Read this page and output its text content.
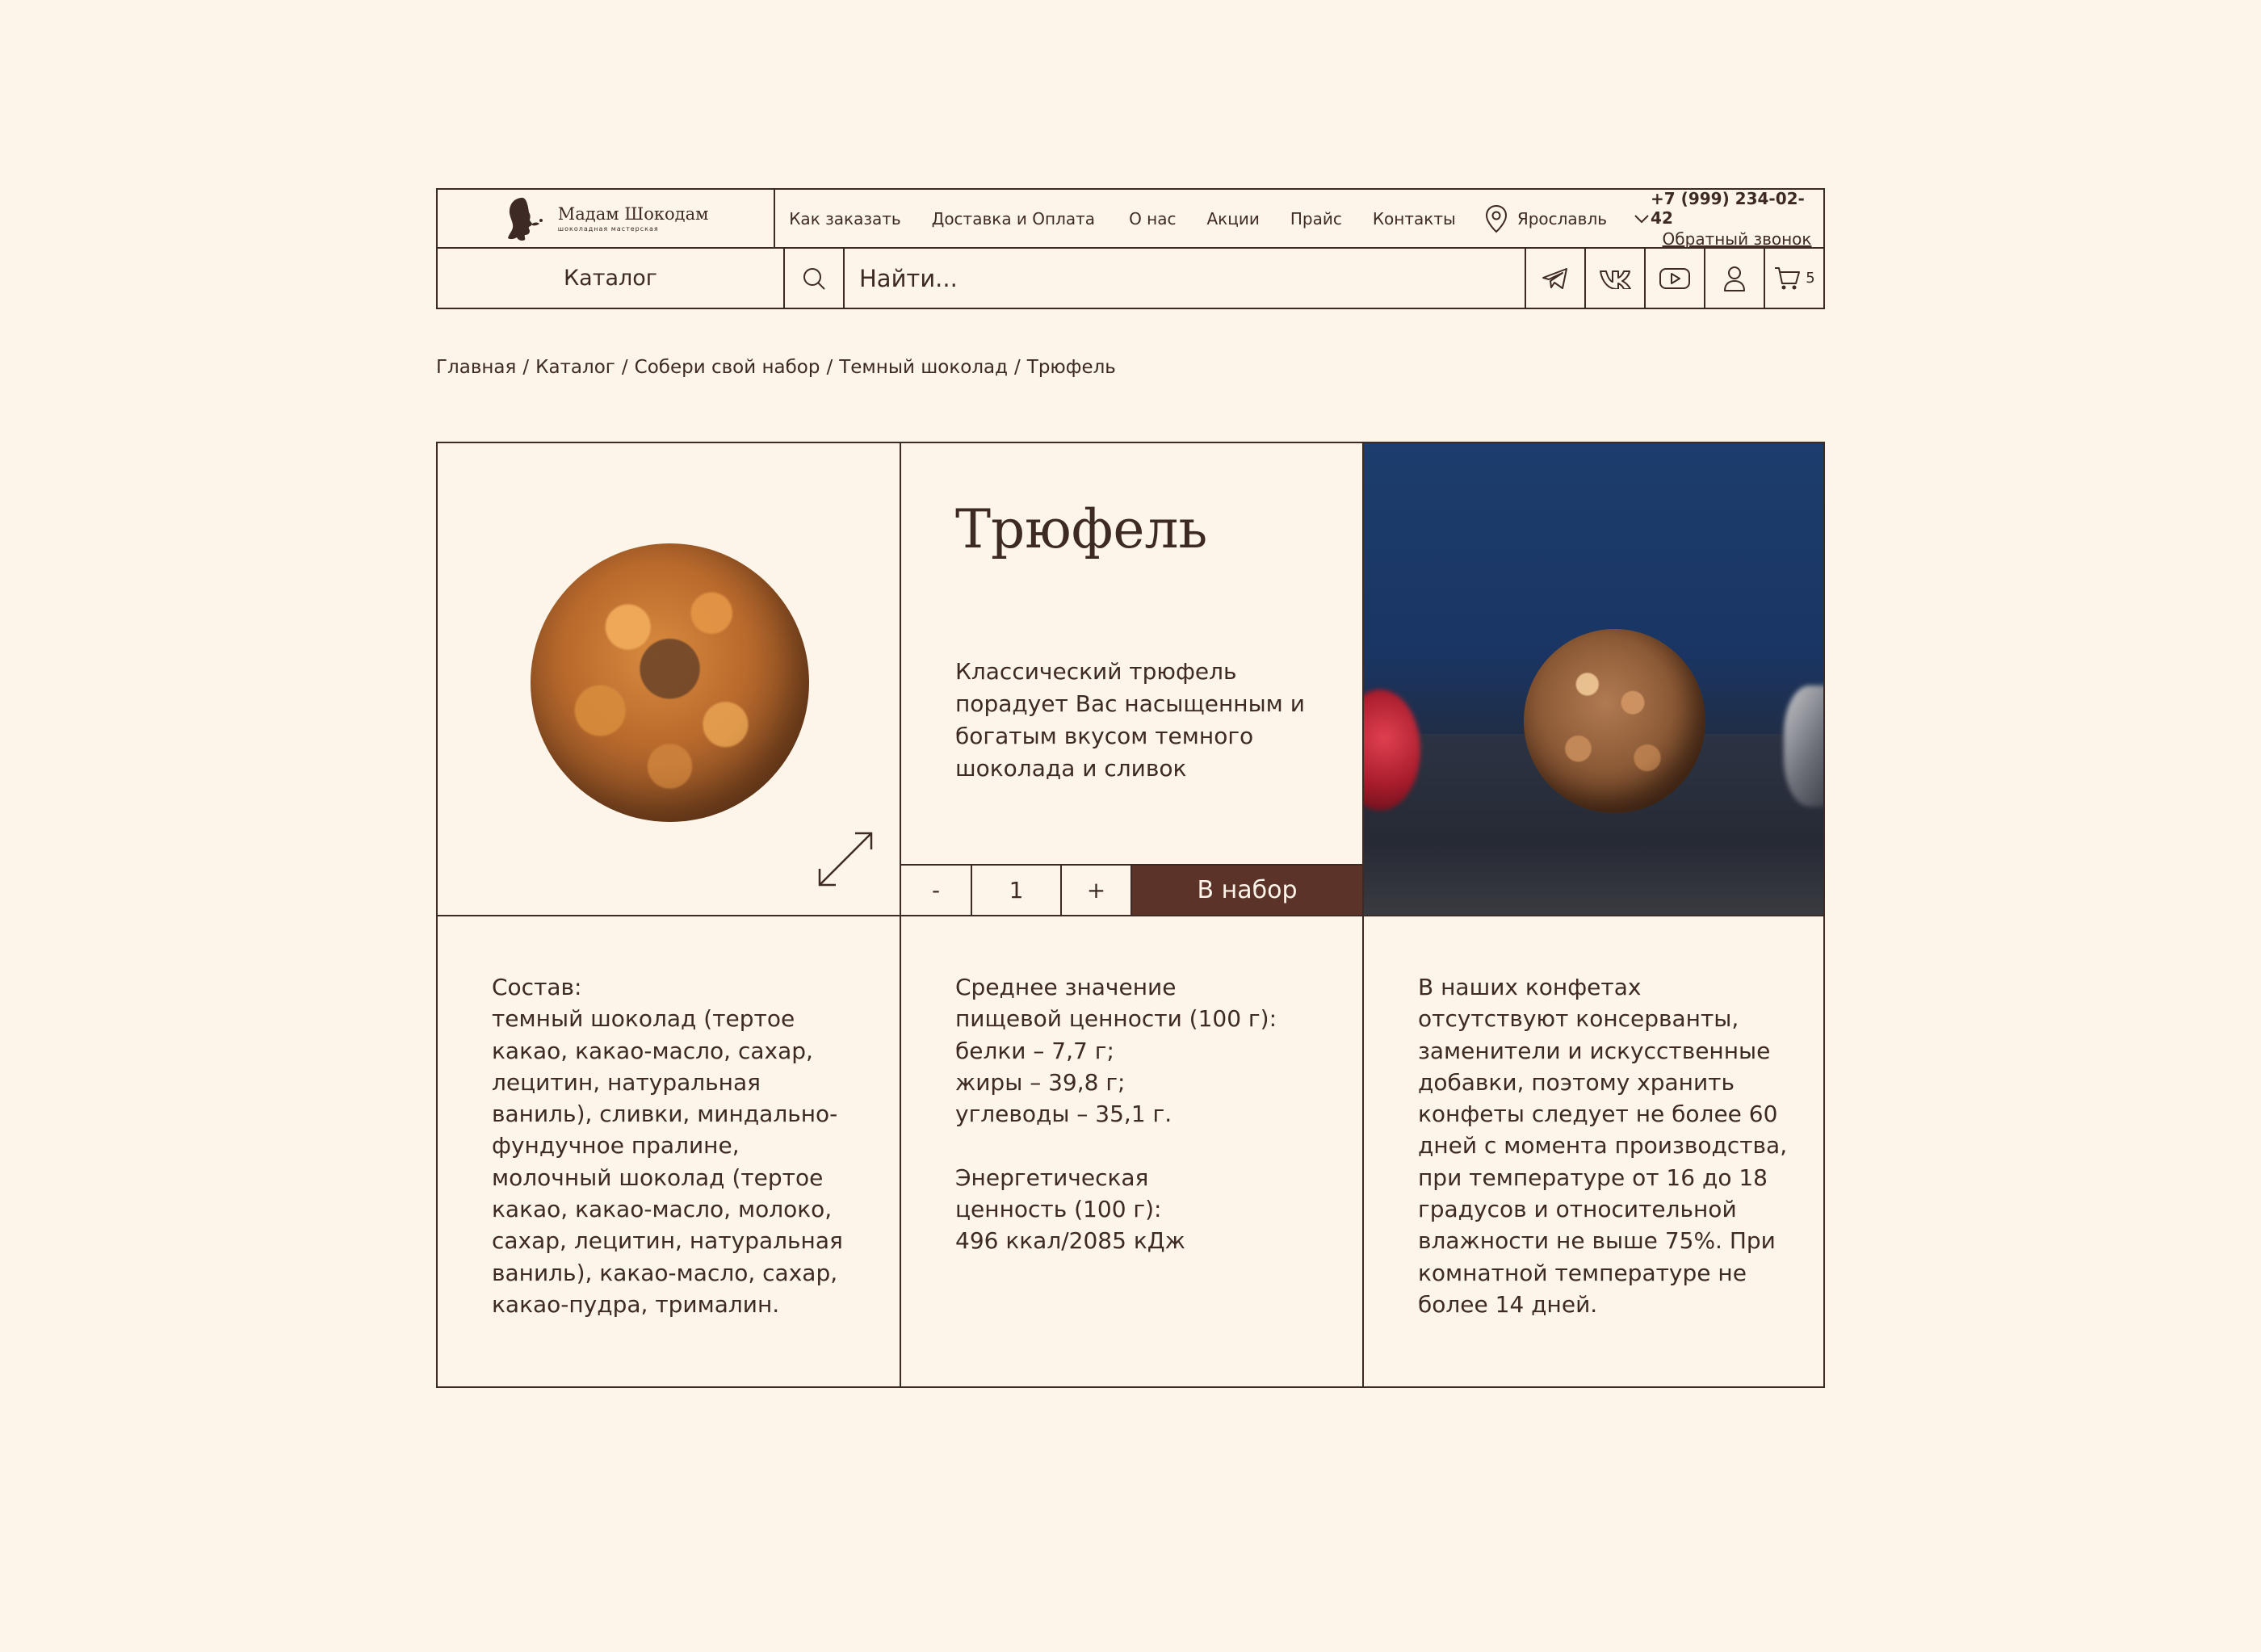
Мадам Шокодам
шоколадная мастерская
Как заказать Доставка и Оплата О нас Акции Прайс Контакты	Ярославль
+7 (999) 234-02-42
Обратный звонок
Каталог
Найти...	5
Главная / Каталог / Собери свой набор / Темный шоколад / Трюфель
Трюфель

Классический трюфель порадует Вас насыщенным и богатым вкусом темного шоколада и сливок

-	1	+	В набор
Состав:
темный шоколад (тертое
какао, какао-масло, сахар,
лецитин, натуральная
ваниль), сливки, миндально-
фундучное пралине,
молочный шоколад (тертое
какао, какао-масло, молоко,
сахар, лецитин, натуральная
ваниль), какао-масло, сахар,
какао-пудра, трималин.
Среднее значение
пищевой ценности (100 г):
белки – 7,7 г;
жиры – 39,8 г;
углеводы – 35,1 г.

Энергетическая
ценность (100 г):
496 ккал/2085 кДж
В наших конфетах
отсутствуют консерванты,
заменители и искусственные
добавки, поэтому хранить
конфеты следует не более 60
дней с момента производства,
при температуре от 16 до 18
градусов и относительной
влажности не выше 75%. При
комнатной температуре не
более 14 дней.
